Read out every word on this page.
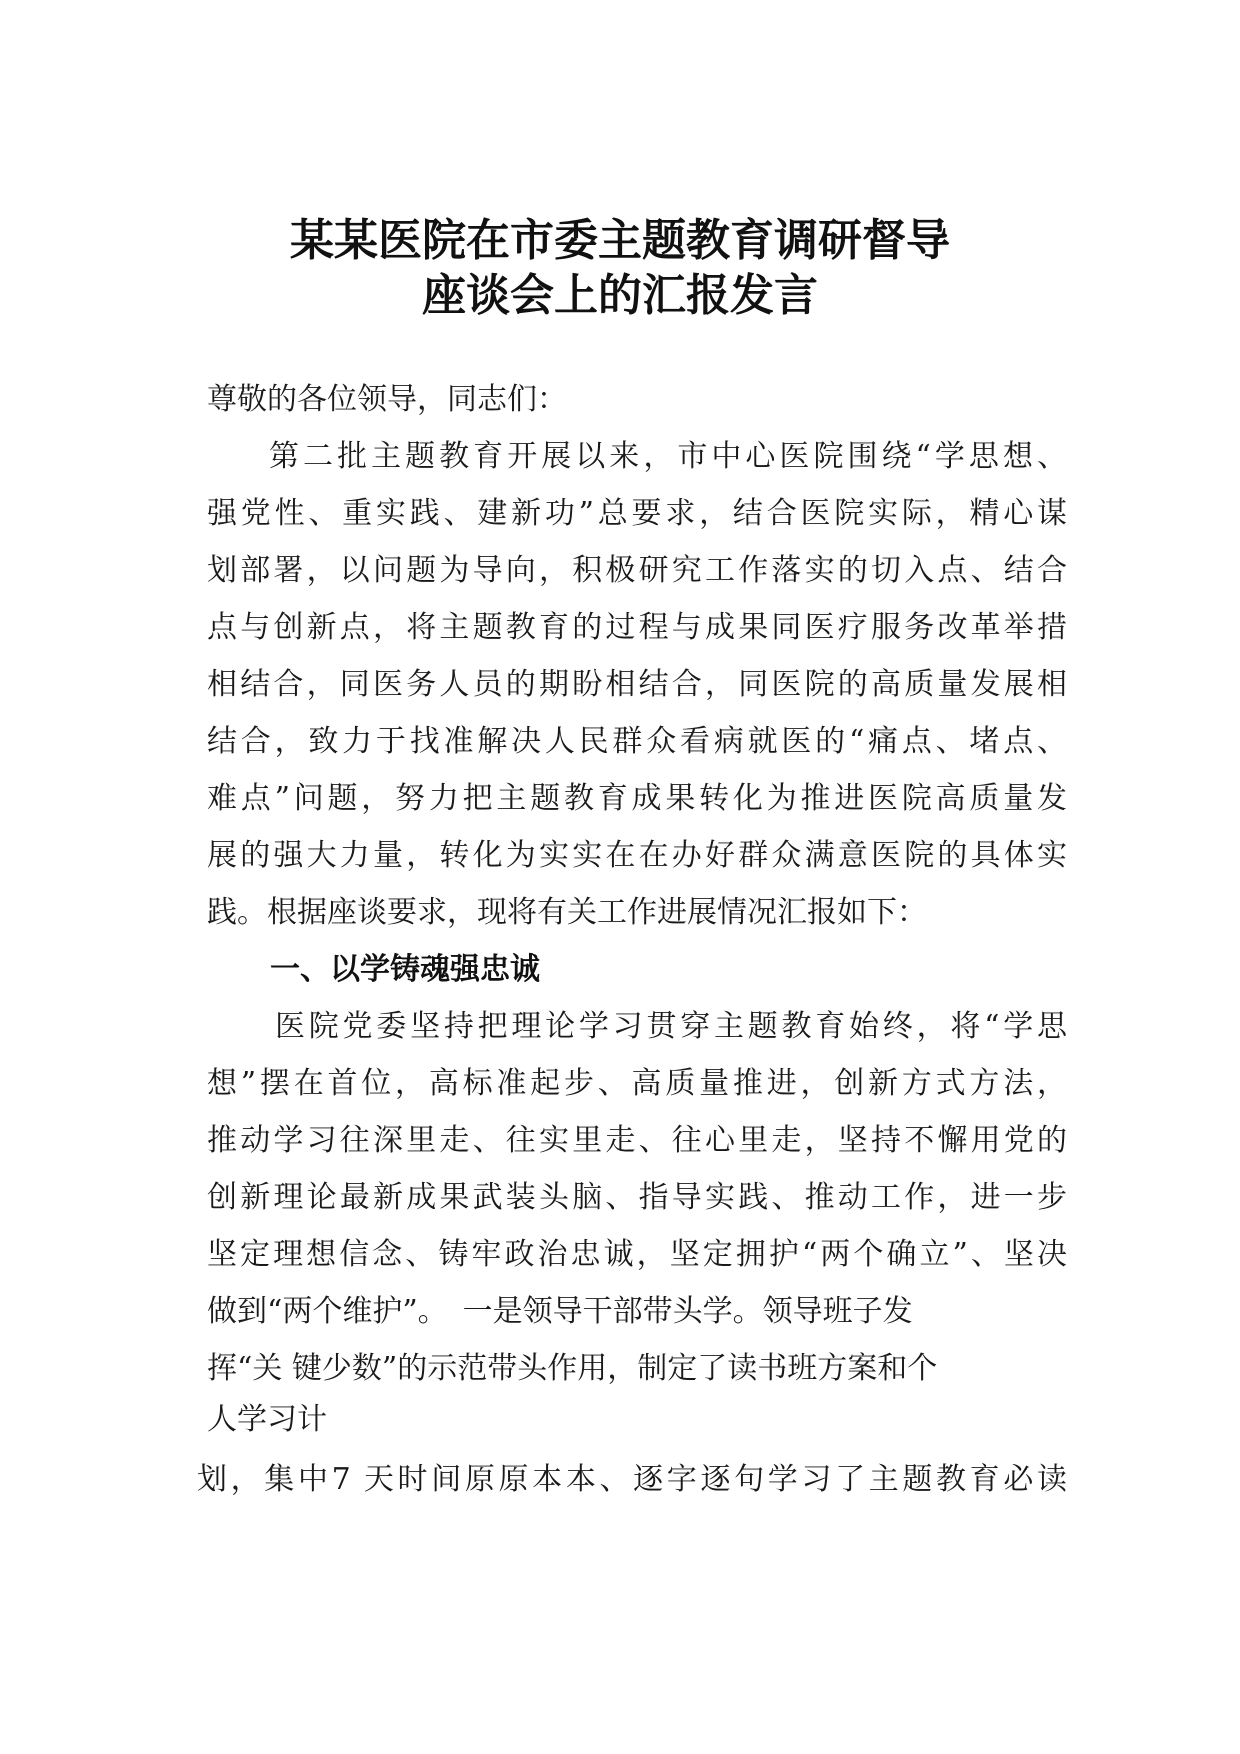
某某医院在市委主题教育调研督导
座谈会上的汇报发言
尊敬的各位领导，同志们：
第二批主题教育开展以来，市中心医院围绕“学思想、
强党性、重实践、建新功”总要求，结合医院实际，精心谋
划部署，以问题为导向，积极研究工作落实的切入点、结合
点与创新点，将主题教育的过程与成果同医疗服务改革举措
相结合，同医务人员的期盼相结合，同医院的高质量发展相
结合，致力于找准解决人民群众看病就医的“痛点、堵点、
难点”问题，努力把主题教育成果转化为推进医院高质量发
展的强大力量，转化为实实在在办好群众满意医院的具体实
践。根据座谈要求，现将有关工作进展情况汇报如下：
一、以学铸魂强忠诚
医院党委坚持把理论学习贯穿主题教育始终，将“学思
想”摆在首位，高标准起步、高质量推进，创新方式方法，
推动学习往深里走、往实里走、往心里走，坚持不懈用党的
创新理论最新成果武装头脑、指导实践、推动工作，进一步
坚定理想信念、铸牢政治忠诚，坚定拥护“两个确立”、坚决
做到“两个维护”。　一是领导干部带头学。领导班子发
挥“关 键少数”的示范带头作用，制定了读书班方案和个
人学习计
划，集中7 天时间原原本本、逐字逐句学习了主题教育必读
